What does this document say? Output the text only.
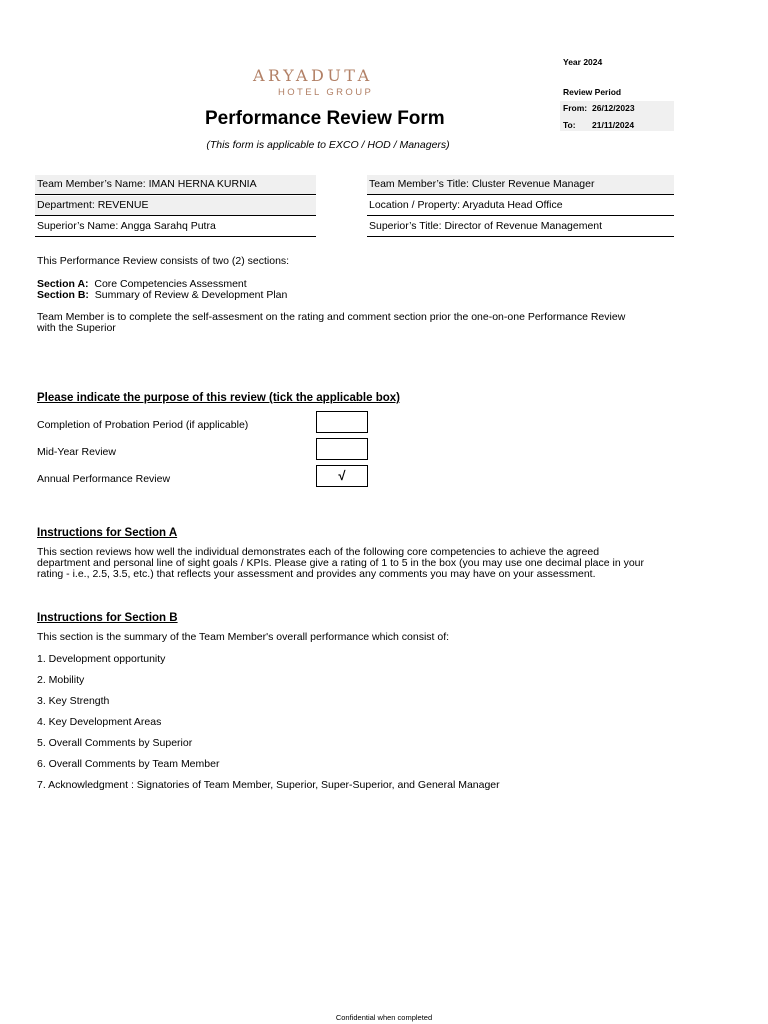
ARYADUTA
HOTEL GROUP
Performance Review Form
(This form is applicable to EXCO / HOD / Managers)
Year 2024
Review Period
From: 26/12/2023
To: 21/11/2024
Team Member’s Name: IMAN HERNA KURNIA
Department: REVENUE
Superior’s Name: Angga Sarahq Putra
Team Member’s Title: Cluster Revenue Manager
Location / Property: Aryaduta Head Office
Superior’s Title: Director of Revenue Management
This Performance Review consists of two (2) sections:
Section A: Core Competencies Assessment
Section B: Summary of Review & Development Plan
Team Member is to complete the self-assesment on the rating and comment section prior the one-on-one Performance Review
with the Superior
Please indicate the purpose of this review (tick the applicable box)
Completion of Probation Period (if applicable)
Mid-Year Review
Annual Performance Review	√
Instructions for Section A
This section reviews how well the individual demonstrates each of the following core competencies to achieve the agreed
department and personal line of sight goals / KPIs. Please give a rating of 1 to 5 in the box (you may use one decimal place in your
rating - i.e., 2.5, 3.5, etc.) that reflects your assessment and provides any comments you may have on your assessment.
Instructions for Section B
This section is the summary of the Team Member's overall performance which consist of:
1. Development opportunity
2. Mobility
3. Key Strength
4. Key Development Areas
5. Overall Comments by Superior
6. Overall Comments by Team Member
7. Acknowledgment : Signatories of Team Member, Superior, Super-Superior, and General Manager
Confidential when completed
